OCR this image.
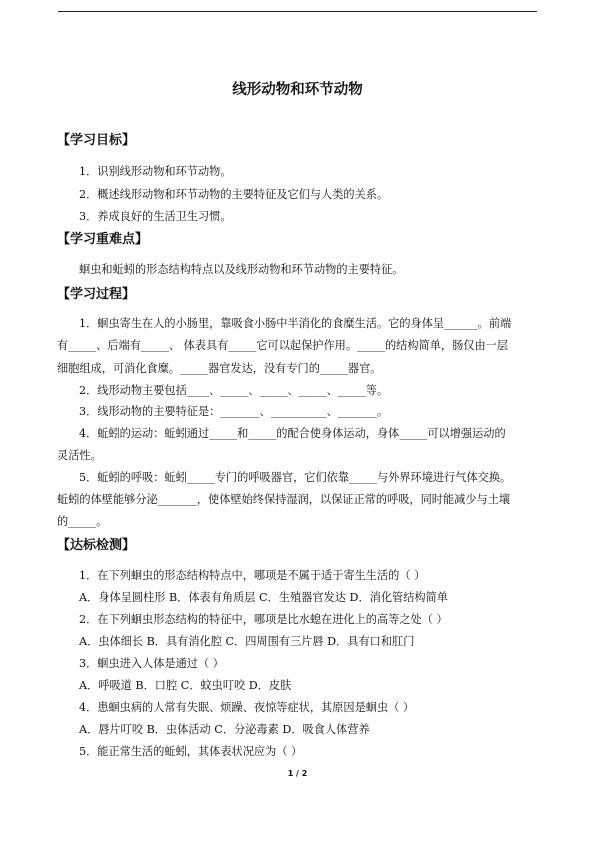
线形动物和环节动物
【学习目标】
1．识别线形动物和环节动物。
2．概述线形动物和环节动物的主要特征及它们与人类的关系。
3．养成良好的生活卫生习惯。
【学习重难点】
蛔虫和蚯蚓的形态结构特点以及线形动物和环节动物的主要特征。
【学习过程】
1．蛔虫寄生在人的小肠里，靠吸食小肠中半消化的食糜生活。它的身体呈______。前端
有_____、后端有_____、 体表具有_____它可以起保护作用。_____的结构简单，肠仅由一层
细胞组成，可消化食糜。_____器官发达，没有专门的_____器官。
2．线形动物主要包括____、_____、_____、_____、_____等。
3．线形动物的主要特征是：_______、__________、_______。
4．蚯蚓的运动：蚯蚓通过_____和_____的配合使身体运动，身体_____可以增强运动的
灵活性。
5．蚯蚓的呼吸：蚯蚓_____专门的呼吸器官，它们依靠_____与外界环境进行气体交换。
蚯蚓的体壁能够分泌_______，使体壁始终保持湿润，以保证正常的呼吸，同时能减少与土壤
的_____。
【达标检测】
1．在下列蛔虫的形态结构特点中，哪项是不属于适于寄生生活的（ ）
A．身体呈圆柱形 B．体表有角质层 C．生殖器官发达 D．消化管结构简单
2．在下列蛔虫形态结构的特征中，哪项是比水螅在进化上的高等之处（ ）
A．虫体细长 B．具有消化腔 C．四周围有三片唇 D．具有口和肛门
3．蛔虫进入人体是通过（ ）
A．呼吸道 B．口腔 C．蚊虫叮咬 D．皮肤
4．患蛔虫病的人常有失眠、烦躁、夜惊等症状，其原因是蛔虫（ ）
A．唇片叮咬 B．虫体活动 C．分泌毒素 D．吸食人体营养
5．能正常生活的蚯蚓，其体表状况应为（ ）
1 / 2
